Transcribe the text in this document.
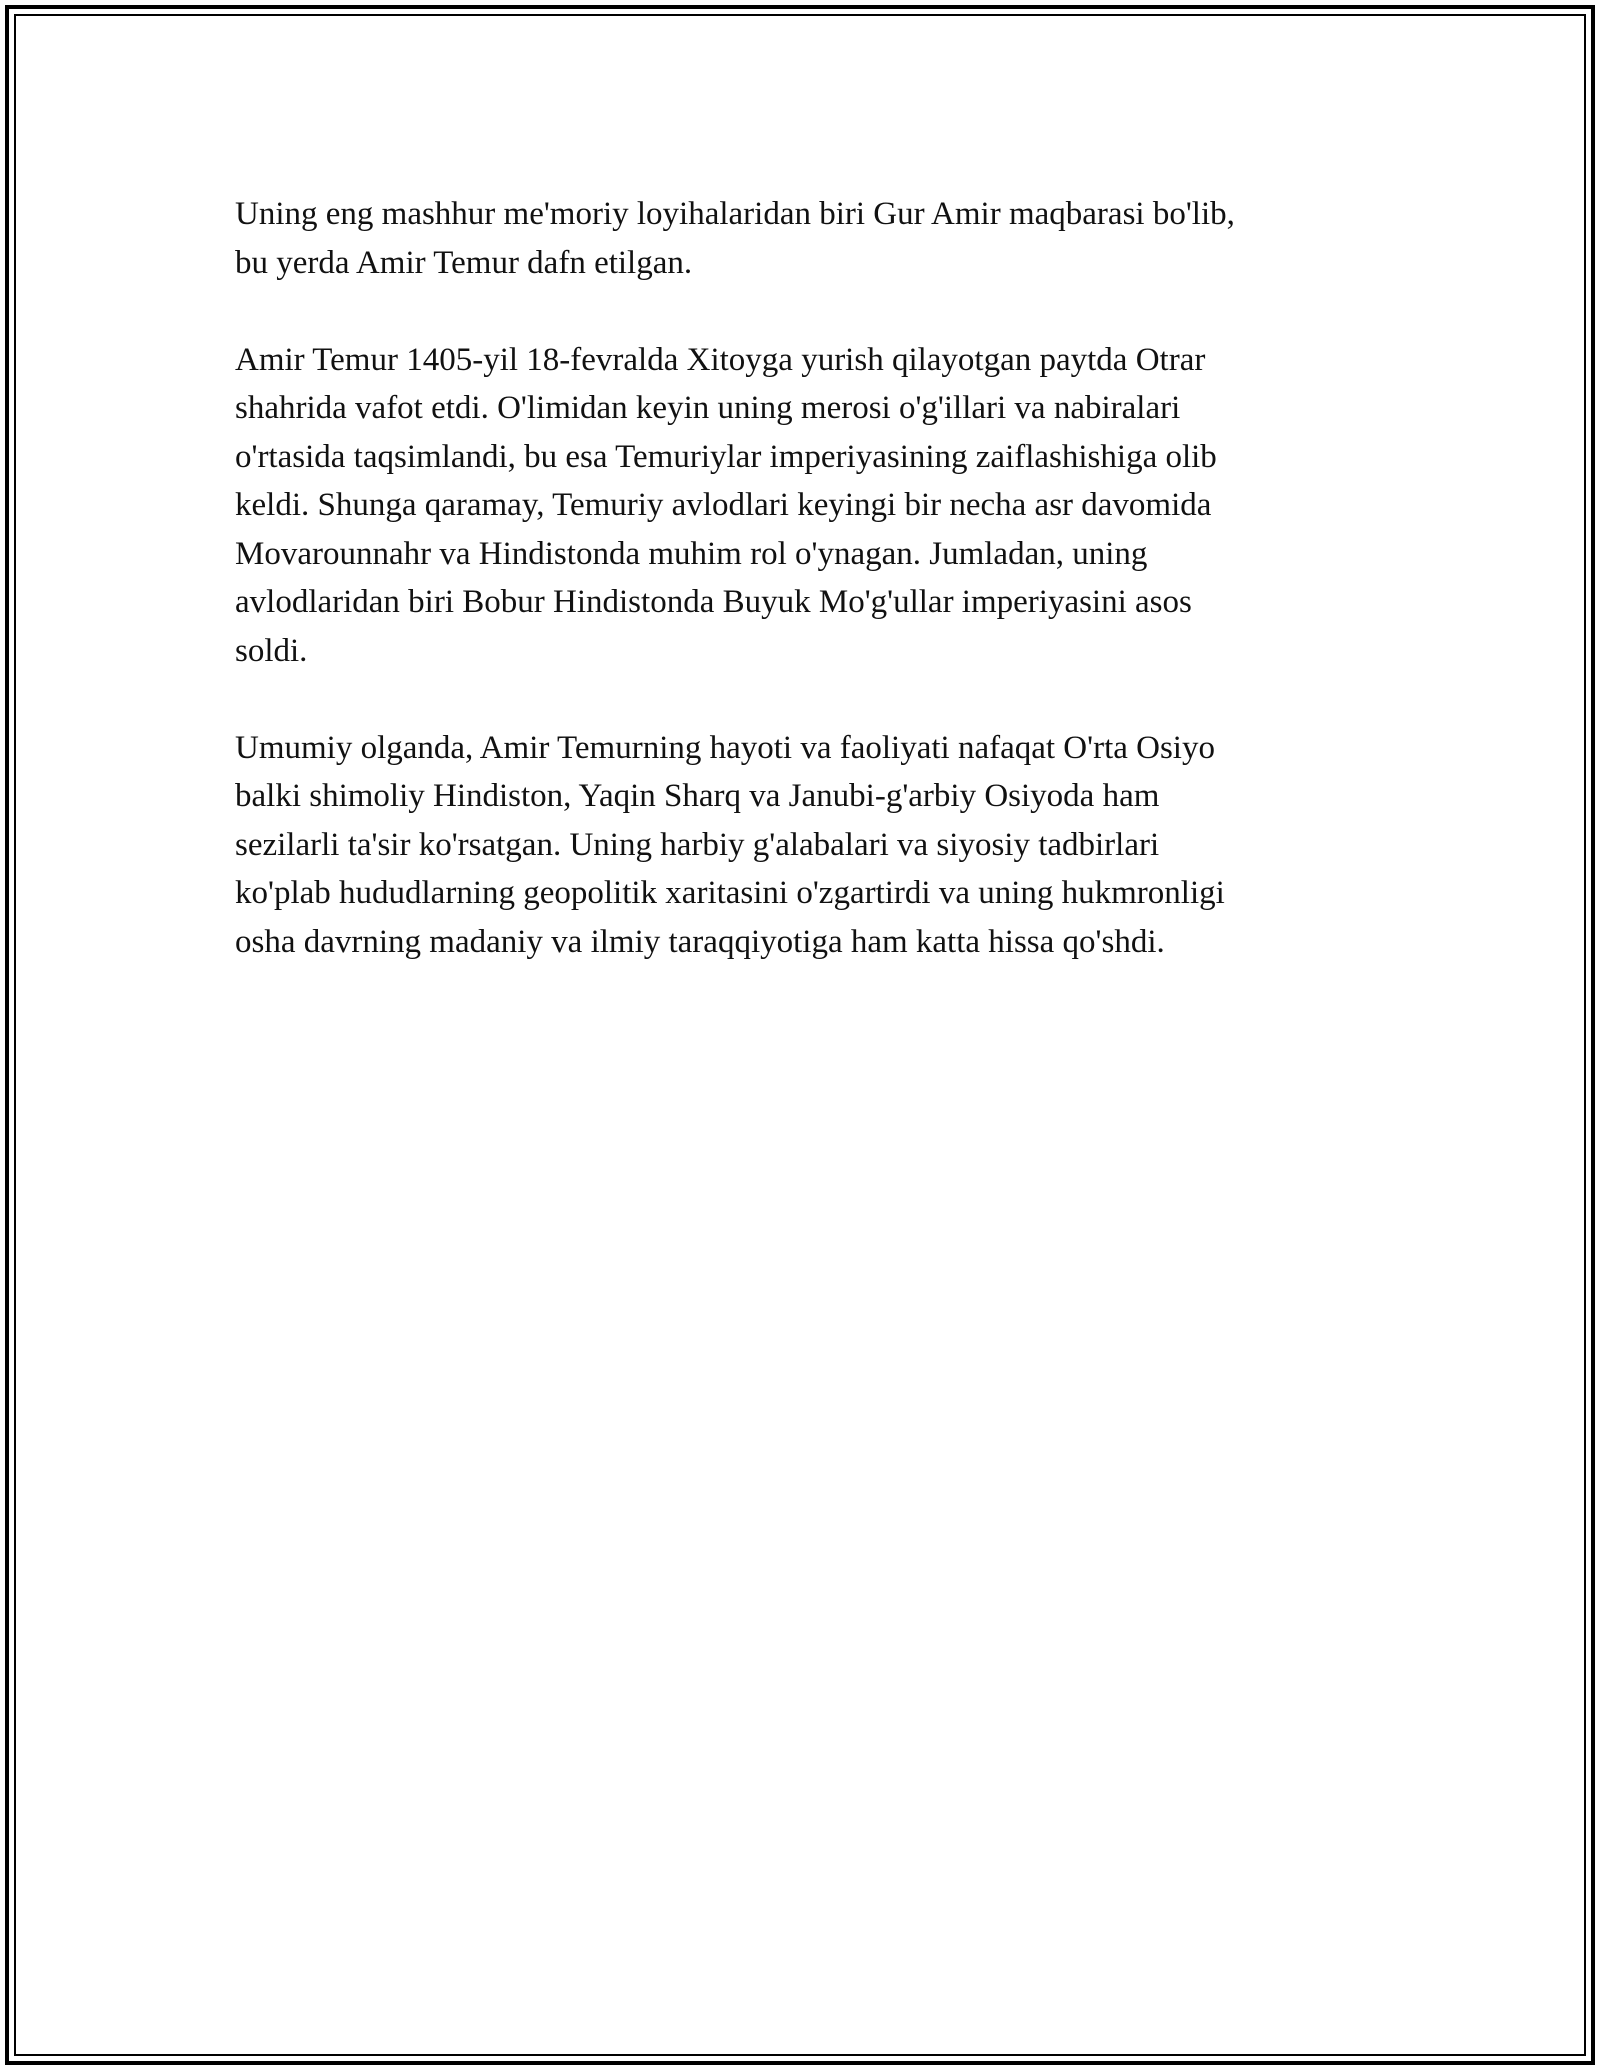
Uning eng mashhur me'moriy loyihalaridan biri Gur Amir maqbarasi bo'lib,
bu yerda Amir Temur dafn etilgan.

Amir Temur 1405-yil 18-fevralda Xitoyga yurish qilayotgan paytda Otrar
shahrida vafot etdi. O'limidan keyin uning merosi o'g'illari va nabiralari
o'rtasida taqsimlandi, bu esa Temuriylar imperiyasining zaiflashishiga olib
keldi. Shunga qaramay, Temuriy avlodlari keyingi bir necha asr davomida
Movarounnahr va Hindistonda muhim rol o'ynagan. Jumladan, uning
avlodlaridan biri Bobur Hindistonda Buyuk Mo'g'ullar imperiyasini asos
soldi.

Umumiy olganda, Amir Temurning hayoti va faoliyati nafaqat O'rta Osiyo
balki shimoliy Hindiston, Yaqin Sharq va Janubi-g'arbiy Osiyoda ham
sezilarli ta'sir ko'rsatgan. Uning harbiy g'alabalari va siyosiy tadbirlari
ko'plab hududlarning geopolitik xaritasini o'zgartirdi va uning hukmronligi
osha davrning madaniy va ilmiy taraqqiyotiga ham katta hissa qo'shdi.
